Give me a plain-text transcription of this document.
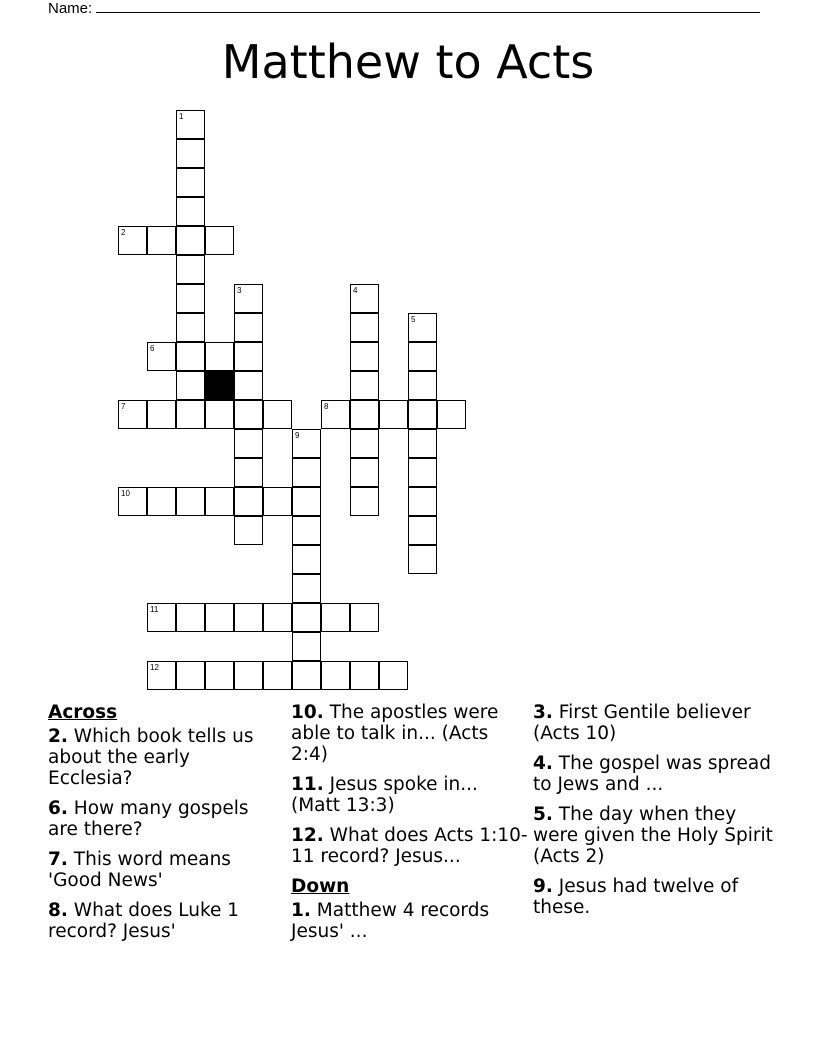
Name:
Matthew to Acts
1
2
3	4
5
6
7	8
9
10
11
12
Across
2. Which book tells us about the early Ecclesia?
6. How many gospels are there?
7. This word means 'Good News'
8. What does Luke 1 record? Jesus'
10. The apostles were able to talk in... (Acts 2:4)
11. Jesus spoke in... (Matt 13:3)
12. What does Acts 1:10-11 record? Jesus...
Down
1. Matthew 4 records Jesus' ...
3. First Gentile believer (Acts 10)
4. The gospel was spread to Jews and ...
5. The day when they were given the Holy Spirit (Acts 2)
9. Jesus had twelve of these.
